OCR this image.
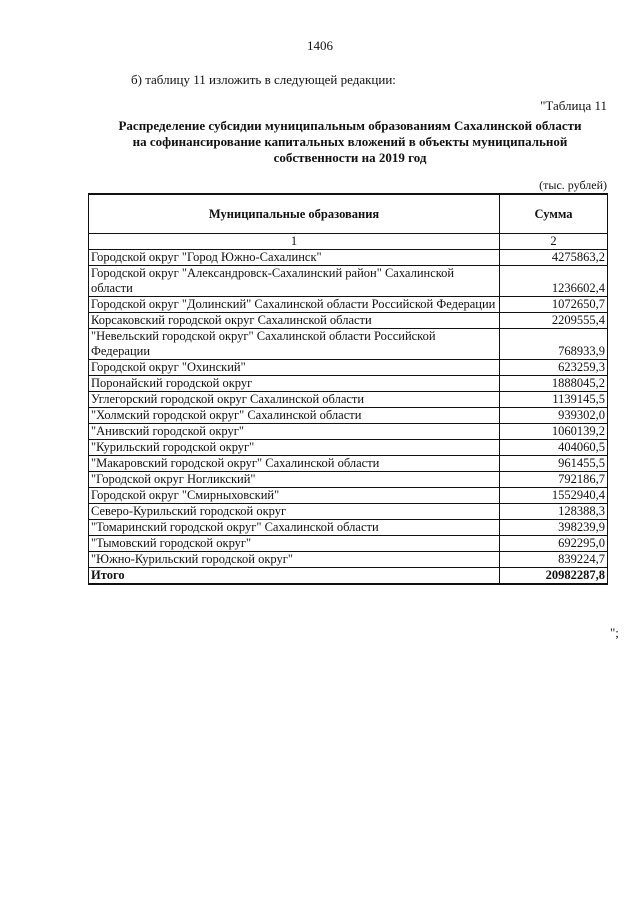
1406
б) таблицу 11 изложить в следующей редакции:
"Таблица 11
Распределение субсидии муниципальным образованиям Сахалинской области
на софинансирование капитальных вложений в объекты муниципальной
собственности на 2019 год
(тыс. рублей)
Муниципальные образования	Сумма
1	2
Городской округ "Город Южно-Сахалинск"	4275863,2
Городской округ "Александровск-Сахалинский район" Сахалинской области	1236602,4
Городской округ "Долинский" Сахалинской области Российской Федерации	1072650,7
Корсаковский городской округ Сахалинской области	2209555,4
"Невельский городской округ" Сахалинской области Российской Федерации	768933,9
Городской округ "Охинский"	623259,3
Поронайский городской округ	1888045,2
Углегорский городской округ Сахалинской области	1139145,5
"Холмский городской округ" Сахалинской области	939302,0
"Анивский городской округ"	1060139,2
"Курильский городской округ"	404060,5
"Макаровский городской округ" Сахалинской области	961455,5
"Городской округ Ногликский"	792186,7
Городской округ "Смирныховский"	1552940,4
Северо-Курильский городской округ	128388,3
"Томаринский городской округ" Сахалинской области	398239,9
"Тымовский городской округ"	692295,0
"Южно-Курильский городской округ"	839224,7
Итого	20982287,8
";
